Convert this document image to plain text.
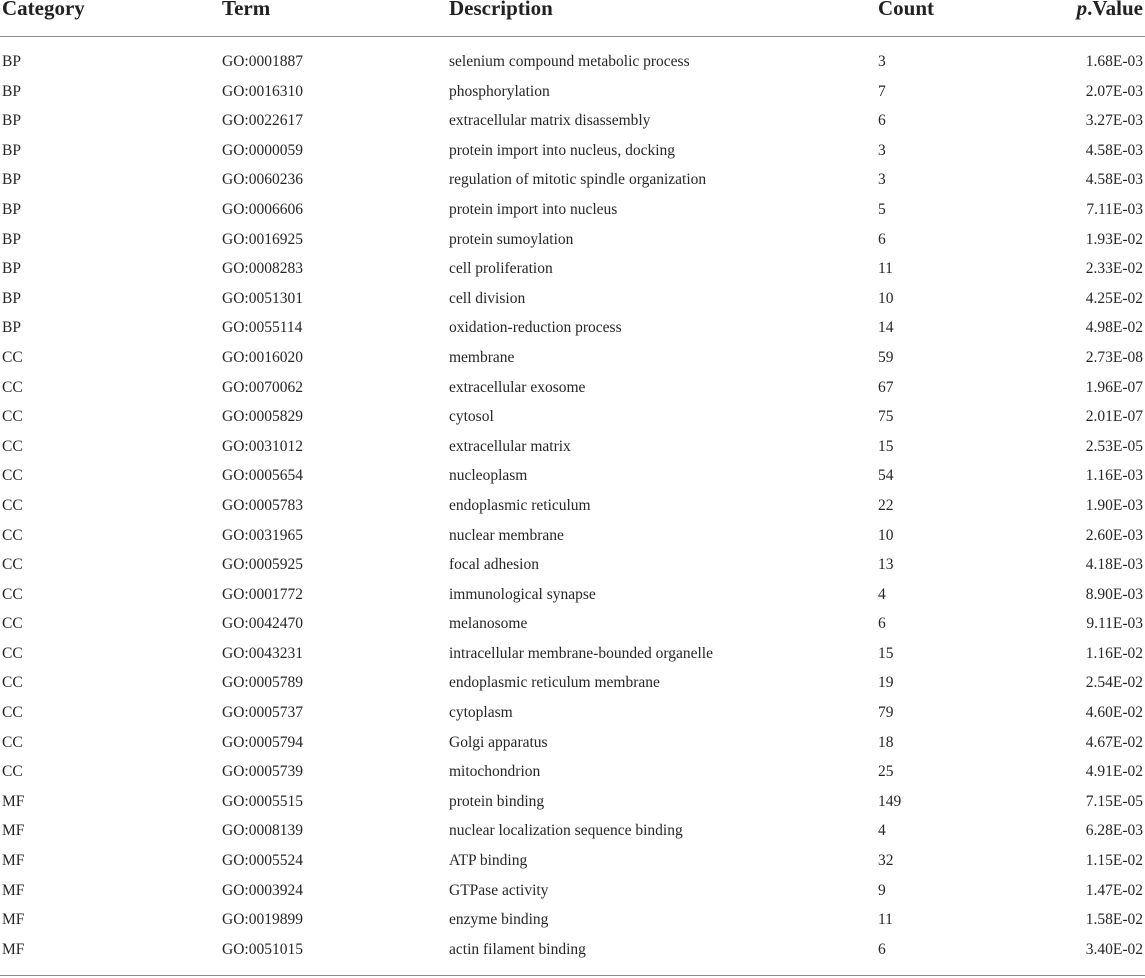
Category	Term	Description	Count	p.Value
BP	GO:0001887	selenium compound metabolic process	3	1.68E-03
BP	GO:0016310	phosphorylation	7	2.07E-03
BP	GO:0022617	extracellular matrix disassembly	6	3.27E-03
BP	GO:0000059	protein import into nucleus, docking	3	4.58E-03
BP	GO:0060236	regulation of mitotic spindle organization	3	4.58E-03
BP	GO:0006606	protein import into nucleus	5	7.11E-03
BP	GO:0016925	protein sumoylation	6	1.93E-02
BP	GO:0008283	cell proliferation	11	2.33E-02
BP	GO:0051301	cell division	10	4.25E-02
BP	GO:0055114	oxidation-reduction process	14	4.98E-02
CC	GO:0016020	membrane	59	2.73E-08
CC	GO:0070062	extracellular exosome	67	1.96E-07
CC	GO:0005829	cytosol	75	2.01E-07
CC	GO:0031012	extracellular matrix	15	2.53E-05
CC	GO:0005654	nucleoplasm	54	1.16E-03
CC	GO:0005783	endoplasmic reticulum	22	1.90E-03
CC	GO:0031965	nuclear membrane	10	2.60E-03
CC	GO:0005925	focal adhesion	13	4.18E-03
CC	GO:0001772	immunological synapse	4	8.90E-03
CC	GO:0042470	melanosome	6	9.11E-03
CC	GO:0043231	intracellular membrane-bounded organelle	15	1.16E-02
CC	GO:0005789	endoplasmic reticulum membrane	19	2.54E-02
CC	GO:0005737	cytoplasm	79	4.60E-02
CC	GO:0005794	Golgi apparatus	18	4.67E-02
CC	GO:0005739	mitochondrion	25	4.91E-02
MF	GO:0005515	protein binding	149	7.15E-05
MF	GO:0008139	nuclear localization sequence binding	4	6.28E-03
MF	GO:0005524	ATP binding	32	1.15E-02
MF	GO:0003924	GTPase activity	9	1.47E-02
MF	GO:0019899	enzyme binding	11	1.58E-02
MF	GO:0051015	actin filament binding	6	3.40E-02
